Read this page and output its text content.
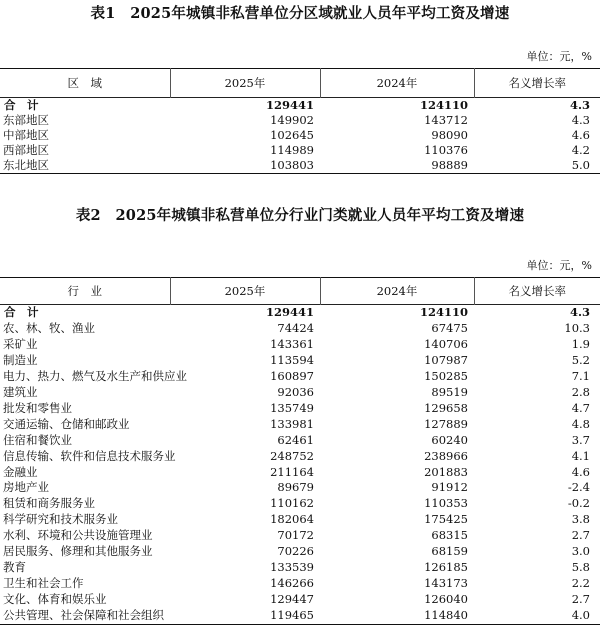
表1　2025年城镇非私营单位分区域就业人员年平均工资及增速
单位：元，%
区　域	2025年	2024年	名义增长率
合　计	129441	124110	4.3
东部地区	149902	143712	4.3
中部地区	102645	98090	4.6
西部地区	114989	110376	4.2
东北地区	103803	98889	5.0
表2　2025年城镇非私营单位分行业门类就业人员年平均工资及增速
单位：元，%
行　业	2025年	2024年	名义增长率
合　计	129441	124110	4.3
农、林、牧、渔业	74424	67475	10.3
采矿业	143361	140706	1.9
制造业	113594	107987	5.2
电力、热力、燃气及水生产和供应业	160897	150285	7.1
建筑业	92036	89519	2.8
批发和零售业	135749	129658	4.7
交通运输、仓储和邮政业	133981	127889	4.8
住宿和餐饮业	62461	60240	3.7
信息传输、软件和信息技术服务业	248752	238966	4.1
金融业	211164	201883	4.6
房地产业	89679	91912	-2.4
租赁和商务服务业	110162	110353	-0.2
科学研究和技术服务业	182064	175425	3.8
水利、环境和公共设施管理业	70172	68315	2.7
居民服务、修理和其他服务业	70226	68159	3.0
教育	133539	126185	5.8
卫生和社会工作	146266	143173	2.2
文化、体育和娱乐业	129447	126040	2.7
公共管理、社会保障和社会组织	119465	114840	4.0
